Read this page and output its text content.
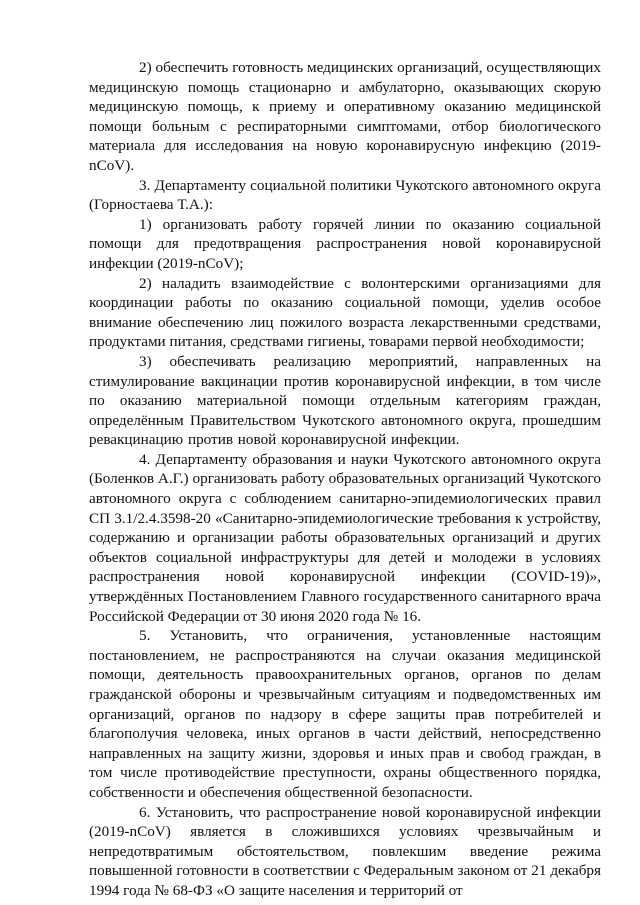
2) обеспечить готовность медицинских организаций, осуществляющих медицинскую помощь стационарно и амбулаторно, оказывающих скорую медицинскую помощь, к приему и оперативному оказанию медицинской помощи больным с респираторными симптомами, отбор биологического материала для исследования на новую коронавирусную инфекцию (2019-nCoV).

3. Департаменту социальной политики Чукотского автономного округа (Горностаева Т.А.):

1) организовать работу горячей линии по оказанию социальной помощи для предотвращения распространения новой коронавирусной инфекции (2019-nCoV);

2) наладить взаимодействие с волонтерскими организациями для координации работы по оказанию социальной помощи, уделив особое внимание обеспечению лиц пожилого возраста лекарственными средствами, продуктами питания, средствами гигиены, товарами первой необходимости;

3) обеспечивать реализацию мероприятий, направленных на стимулирование вакцинации против коронавирусной инфекции, в том числе по оказанию материальной помощи отдельным категориям граждан, определённым Правительством Чукотского автономного округа, прошедшим ревакцинацию против новой коронавирусной инфекции.

4. Департаменту образования и науки Чукотского автономного округа (Боленков А.Г.) организовать работу образовательных организаций Чукотского автономного округа с соблюдением санитарно-эпидемиологических правил СП 3.1/2.4.3598-20 «Санитарно-эпидемиологические требования к устройству, содержанию и организации работы образовательных организаций и других объектов социальной инфраструктуры для детей и молодежи в условиях распространения новой коронавирусной инфекции (COVID-19)», утверждённых Постановлением Главного государственного санитарного врача Российской Федерации от 30 июня 2020 года № 16.

5. Установить, что ограничения, установленные настоящим постановлением, не распространяются на случаи оказания медицинской помощи, деятельность правоохранительных органов, органов по делам гражданской обороны и чрезвычайным ситуациям и подведомственных им организаций, органов по надзору в сфере защиты прав потребителей и благополучия человека, иных органов в части действий, непосредственно направленных на защиту жизни, здоровья и иных прав и свобод граждан, в том числе противодействие преступности, охраны общественного порядка, собственности и обеспечения общественной безопасности.

6. Установить, что распространение новой коронавирусной инфекции (2019-nCoV) является в сложившихся условиях чрезвычайным и непредотвратимым обстоятельством, повлекшим введение режима повышенной готовности в соответствии с Федеральным законом от 21 декабря 1994 года № 68-ФЗ «О защите населения и территорий от
